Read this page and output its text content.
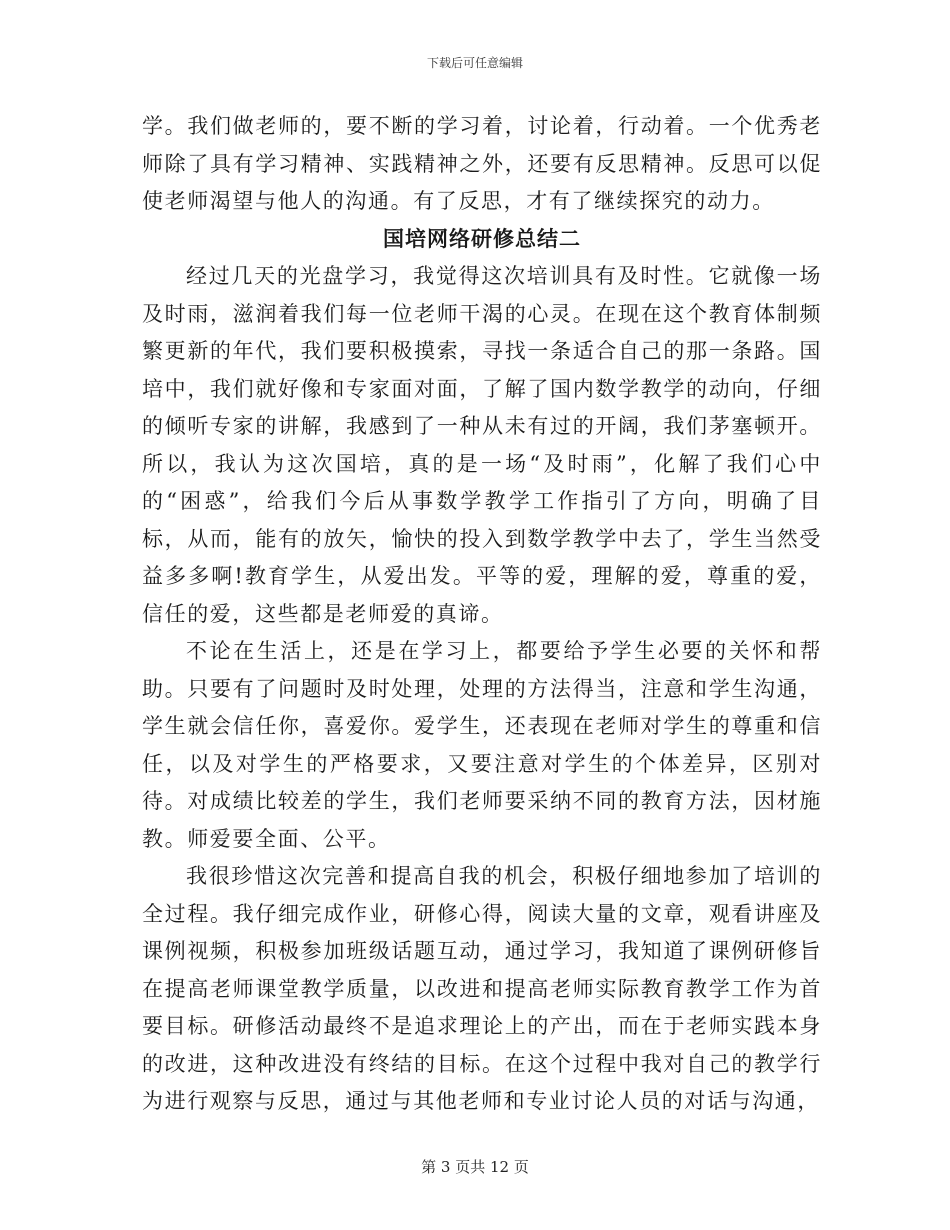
下载后可任意编辑

学。我们做老师的，要不断的学习着，讨论着，行动着。一个优秀老师除了具有学习精神、实践精神之外，还要有反思精神。反思可以促使老师渴望与他人的沟通。有了反思，才有了继续探究的动力。

国培网络研修总结二

经过几天的光盘学习，我觉得这次培训具有及时性。它就像一场及时雨，滋润着我们每一位老师干渴的心灵。在现在这个教育体制频繁更新的年代，我们要积极摸索，寻找一条适合自己的那一条路。国培中，我们就好像和专家面对面，了解了国内数学教学的动向，仔细的倾听专家的讲解，我感到了一种从未有过的开阔，我们茅塞顿开。所以，我认为这次国培，真的是一场“及时雨”，化解了我们心中的“困惑”，给我们今后从事数学教学工作指引了方向，明确了目标，从而，能有的放矢，愉快的投入到数学教学中去了，学生当然受益多多啊!教育学生，从爱出发。平等的爱，理解的爱，尊重的爱，信任的爱，这些都是老师爱的真谛。

不论在生活上，还是在学习上，都要给予学生必要的关怀和帮助。只要有了问题时及时处理，处理的方法得当，注意和学生沟通，学生就会信任你，喜爱你。爱学生，还表现在老师对学生的尊重和信任，以及对学生的严格要求，又要注意对学生的个体差异，区别对待。对成绩比较差的学生，我们老师要采纳不同的教育方法，因材施教。师爱要全面、公平。

我很珍惜这次完善和提高自我的机会，积极仔细地参加了培训的全过程。我仔细完成作业，研修心得，阅读大量的文章，观看讲座及课例视频，积极参加班级话题互动，通过学习，我知道了课例研修旨在提高老师课堂教学质量，以改进和提高老师实际教育教学工作为首要目标。研修活动最终不是追求理论上的产出，而在于老师实践本身的改进，这种改进没有终结的目标。在这个过程中我对自己的教学行为进行观察与反思，通过与其他老师和专业讨论人员的对话与沟通，

第 3 页共 12 页
